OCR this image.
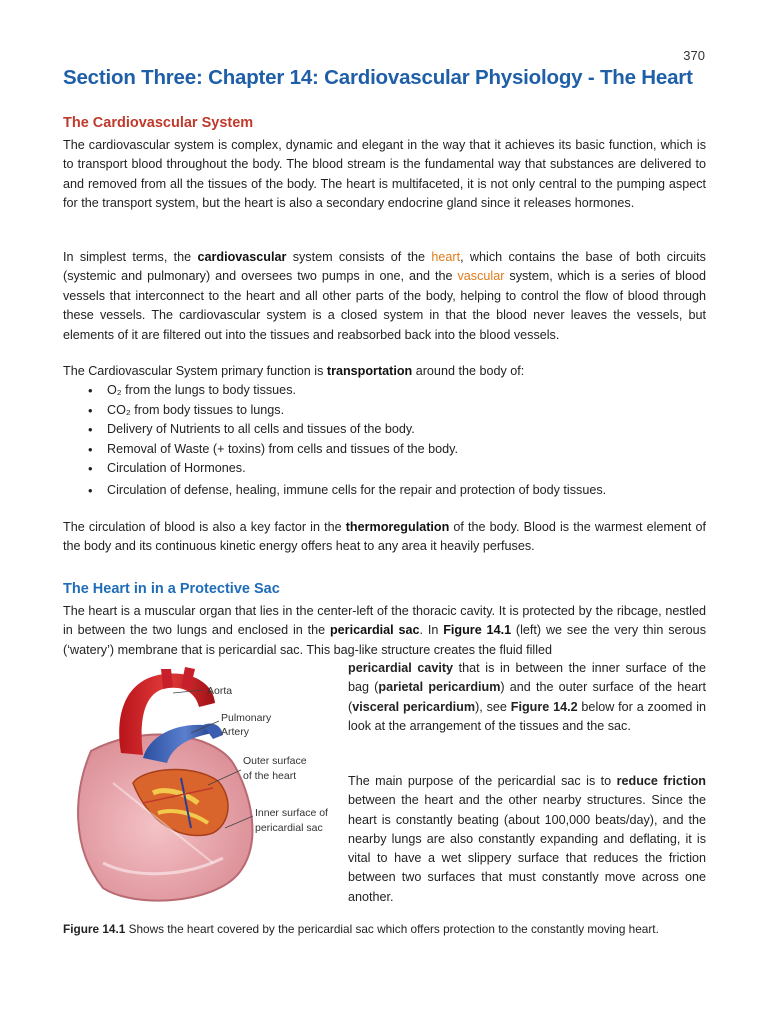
370
Section Three: Chapter 14: Cardiovascular Physiology - The Heart
The Cardiovascular System

The cardiovascular system is complex, dynamic and elegant in the way that it achieves its basic function, which is to transport blood throughout the body. The blood stream is the fundamental way that substances are delivered to and removed from all the tissues of the body. The heart is multifaceted, it is not only central to the pumping aspect for the transport system, but the heart is also a secondary endocrine gland since it releases hormones.

In simplest terms, the cardiovascular system consists of the heart, which contains the base of both circuits (systemic and pulmonary) and oversees two pumps in one, and the vascular system, which is a series of blood vessels that interconnect to the heart and all other parts of the body, helping to control the flow of blood through these vessels. The cardiovascular system is a closed system in that the blood never leaves the vessels, but elements of it are filtered out into the tissues and reabsorbed back into the blood vessels.

The Cardiovascular System primary function is transportation around the body of:

• O₂ from the lungs to body tissues.
• CO₂ from body tissues to lungs.
• Delivery of Nutrients to all cells and tissues of the body.
• Removal of Waste (+ toxins) from cells and tissues of the body.
• Circulation of Hormones.
• Circulation of defense, healing, immune cells for the repair and protection of body tissues.

The circulation of blood is also a key factor in the thermoregulation of the body. Blood is the warmest element of the body and its continuous kinetic energy offers heat to any area it heavily perfuses.

The Heart in in a Protective Sac

The heart is a muscular organ that lies in the center-left of the thoracic cavity. It is protected by the ribcage, nestled in between the two lungs and enclosed in the pericardial sac. In Figure 14.1 (left) we see the very thin serous (‘watery’) membrane that is pericardial sac. This bag-like structure creates the fluid filled

pericardial cavity that is in between the inner surface of the bag (parietal pericardium) and the outer surface of the heart (visceral pericardium), see Figure 14.2 below for a zoomed in look at the arrangement of the tissues and the sac.

The main purpose of the pericardial sac is to reduce friction between the heart and the other nearby structures. Since the heart is constantly beating (about 100,000 beats/day), and the nearby lungs are also constantly expanding and deflating, it is vital to have a wet slippery surface that reduces the friction between two surfaces that must constantly move across one another.

Aorta
Pulmonary
Artery
Outer surface
of the heart
Inner surface of
pericardial sac

Figure 14.1 Shows the heart covered by the pericardial sac which offers protection to the constantly moving heart.
